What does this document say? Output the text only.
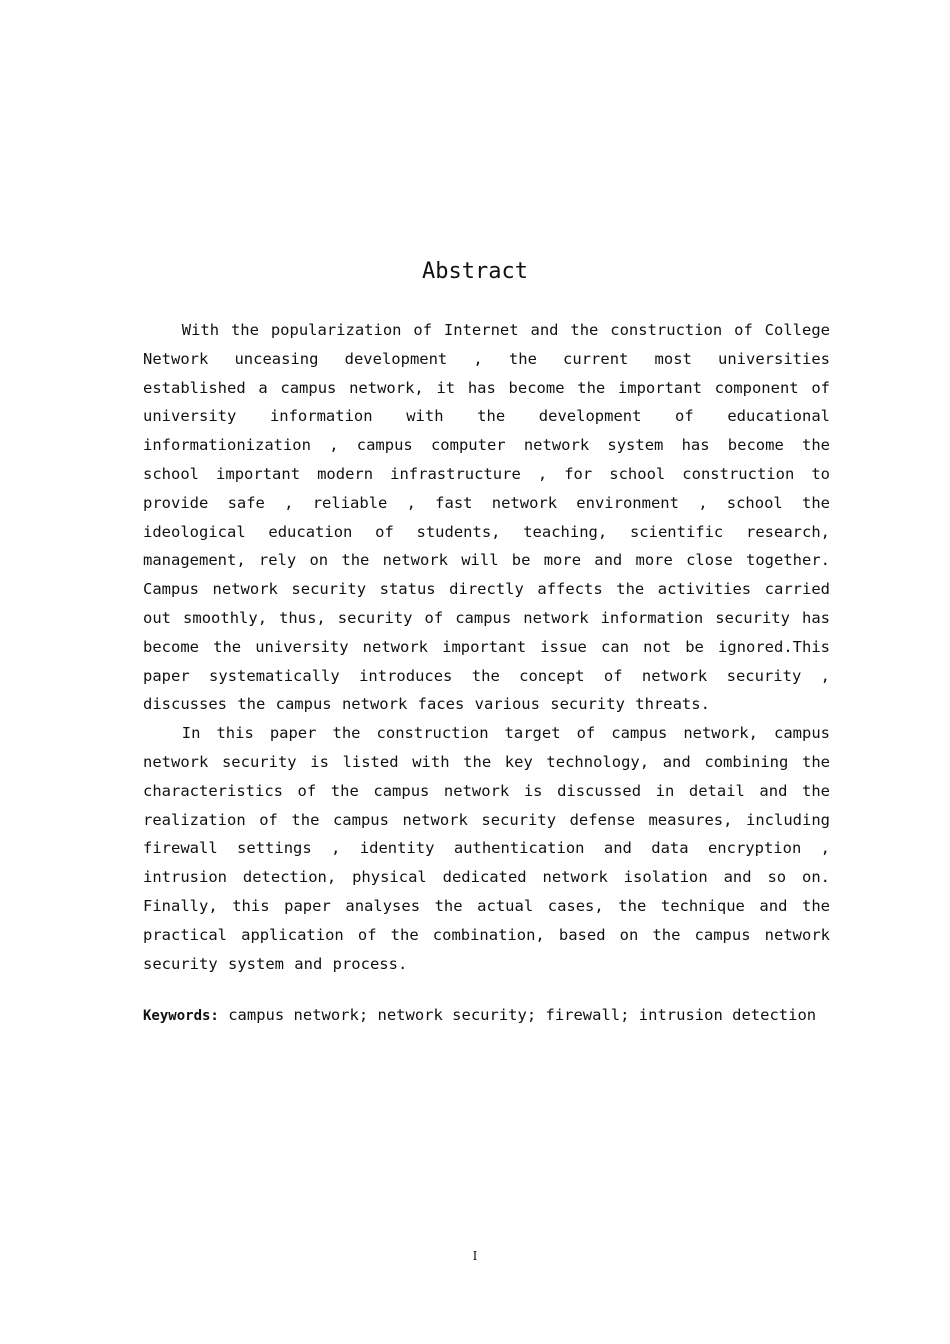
Abstract

With the popularization of Internet and the construction of College Network unceasing development , the current most universities established a campus network, it has become the important component of university information with the development of educational informationization , campus computer network system has become the school important modern infrastructure , for school construction to provide safe , reliable , fast network environment , school the ideological education of students, teaching, scientific research, management, rely on the network will be more and more close together. Campus network security status directly affects the activities carried out smoothly, thus, security of campus network information security has become the university network important issue can not be ignored.This paper systematically introduces the concept of network security , discusses the campus network faces various security threats.

In this paper the construction target of campus network, campus network security is listed with the key technology, and combining the characteristics of the campus network is discussed in detail and the realization of the campus network security defense measures, including firewall settings , identity authentication and data encryption , intrusion detection, physical dedicated network isolation and so on. Finally, this paper analyses the actual cases, the technique and the practical application of the combination, based on the campus network security system and process.

Keywords: campus network; network security; firewall; intrusion detection
I
